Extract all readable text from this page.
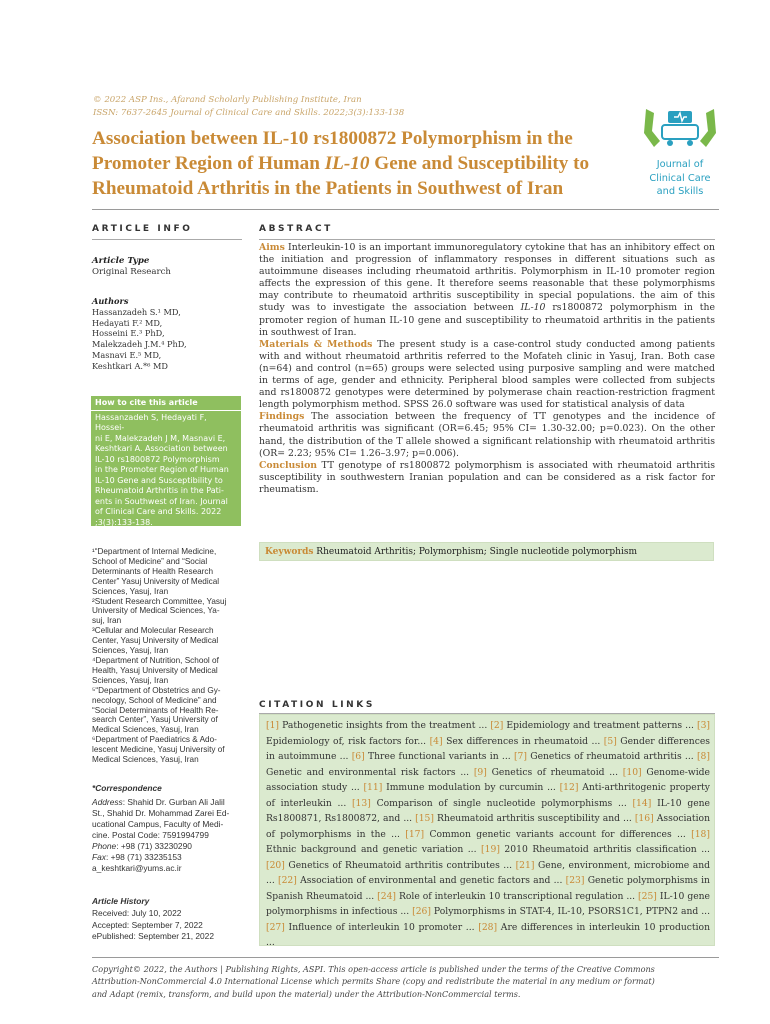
© 2022 ASP Ins., Afarand Scholarly Publishing Institute, Iran
ISSN: 7637-2645 Journal of Clinical Care and Skills. 2022;3(3):133-138
Association between IL-10 rs1800872 Polymorphism in the
Promoter Region of Human IL-10 Gene and Susceptibility to
Rheumatoid Arthritis in the Patients in Southwest of Iran
Journal of
Clinical Care
and Skills
ARTICLE INFO	ABSTRACT
Article Type
Original Research
Authors
Hassanzadeh S.¹ MD,
Hedayati F.² MD,
Hosseini E.³ PhD,
Malekzadeh J.M.⁴ PhD,
Masnavi E.⁵ MD,
Keshtkari A.*⁶ MD
How to cite this article
Hassanzadeh S, Hedayati F, Hossei-
ni E, Malekzadeh J M, Masnavi E,
Keshtkari A. Association between
IL-10 rs1800872 Polymorphism
in the Promoter Region of Human
IL-10 Gene and Susceptibility to
Rheumatoid Arthritis in the Pati-
ents in Southwest of Iran. Journal
of Clinical Care and Skills. 2022
;3(3):133-138.
¹“Department of Internal Medicine,
School of Medicine” and “Social
Determinants of Health Research
Center” Yasuj University of Medical
Sciences, Yasuj, Iran
²Student Research Committee, Yasuj
University of Medical Sciences, Ya-
suj, Iran
³Cellular and Molecular Research
Center, Yasuj University of Medical
Sciences, Yasuj, Iran
⁴Department of Nutrition, School of
Health, Yasuj University of Medical
Sciences, Yasuj, Iran
⁵“Department of Obstetrics and Gy-
necology, School of Medicine” and
“Social Determinants of Health Re-
search Center”, Yasuj University of
Medical Sciences, Yasuj, Iran
⁶Department of Paediatrics & Ado-
lescent Medicine, Yasuj University of
Medical Sciences, Yasuj, Iran
*Correspondence
Address: Shahid Dr. Gurban Ali Jalil
St., Shahid Dr. Mohammad Zarei Ed-
ucational Campus, Faculty of Medi-
cine. Postal Code: 7591994799
Phone: +98 (71) 33230290
Fax: +98 (71) 33235153
a_keshtkari@yums.ac.ir
Article History
Received: July 10, 2022
Accepted: September 7, 2022
ePublished: September 21, 2022

Aims Interleukin-10 is an important immunoregulatory cytokine that has an inhibitory effect on the initiation and progression of inflammatory responses in different situations such as autoimmune diseases including rheumatoid arthritis. Polymorphism in IL-10 promoter region affects the expression of this gene. It therefore seems reasonable that these polymorphisms may contribute to rheumatoid arthritis susceptibility in special populations. the aim of this study was to investigate the association between IL-10 rs1800872 polymorphism in the promoter region of human IL-10 gene and susceptibility to rheumatoid arthritis in the patients in southwest of Iran.

Materials & Methods The present study is a case-control study conducted among patients with and without rheumatoid arthritis referred to the Mofateh clinic in Yasuj, Iran. Both case (n=64) and control (n=65) groups were selected using purposive sampling and were matched in terms of age, gender and ethnicity. Peripheral blood samples were collected from subjects and rs1800872 genotypes were determined by polymerase chain reaction-restriction fragment length polymorphism method. SPSS 26.0 software was used for statistical analysis of data

Findings The association between the frequency of TT genotypes and the incidence of rheumatoid arthritis was significant (OR=6.45; 95% CI= 1.30-32.00; p=0.023). On the other hand, the distribution of the T allele showed a significant relationship with rheumatoid arthritis (OR= 2.23; 95% CI= 1.26–3.97; p=0.006).

Conclusion TT genotype of rs1800872 polymorphism is associated with rheumatoid arthritis susceptibility in southwestern Iranian population and can be considered as a risk factor for rheumatism.

Keywords Rheumatoid Arthritis; Polymorphism; Single nucleotide polymorphism
CITATION LINKS
[1] Pathogenetic insights from the treatment ... [2] Epidemiology and treatment patterns ... [3] Epidemiology of, risk factors for... [4] Sex differences in rheumatoid ... [5] Gender differences in autoimmune ... [6] Three functional variants in ... [7] Genetics of rheumatoid arthritis ... [8] Genetic and environmental risk factors ... [9] Genetics of rheumatoid ... [10] Genome-wide association study ... [11] Immune modulation by curcumin ... [12] Anti-arthritogenic property of interleukin ... [13] Comparison of single nucleotide polymorphisms ... [14] IL-10 gene Rs1800871, Rs1800872, and ... [15] Rheumatoid arthritis susceptibility and ... [16] Association of polymorphisms in the ... [17] Common genetic variants account for differences ... [18] Ethnic background and genetic variation ... [19] 2010 Rheumatoid arthritis classification ... [20] Genetics of Rheumatoid arthritis contributes ... [21] Gene, environment, microbiome and ... [22] Association of environmental and genetic factors and ... [23] Genetic polymorphisms in Spanish Rheumatoid ... [24] Role of interleukin 10 transcriptional regulation ... [25] IL-10 gene polymorphisms in infectious ... [26] Polymorphisms in STAT-4, IL-10, PSORS1C1, PTPN2 and ... [27] Influence of interleukin 10 promoter ... [28] Are differences in interleukin 10 production ...
Copyright© 2022, the Authors | Publishing Rights, ASPI. This open-access article is published under the terms of the Creative Commons
Attribution-NonCommercial 4.0 International License which permits Share (copy and redistribute the material in any medium or format)
and Adapt (remix, transform, and build upon the material) under the Attribution-NonCommercial terms.
